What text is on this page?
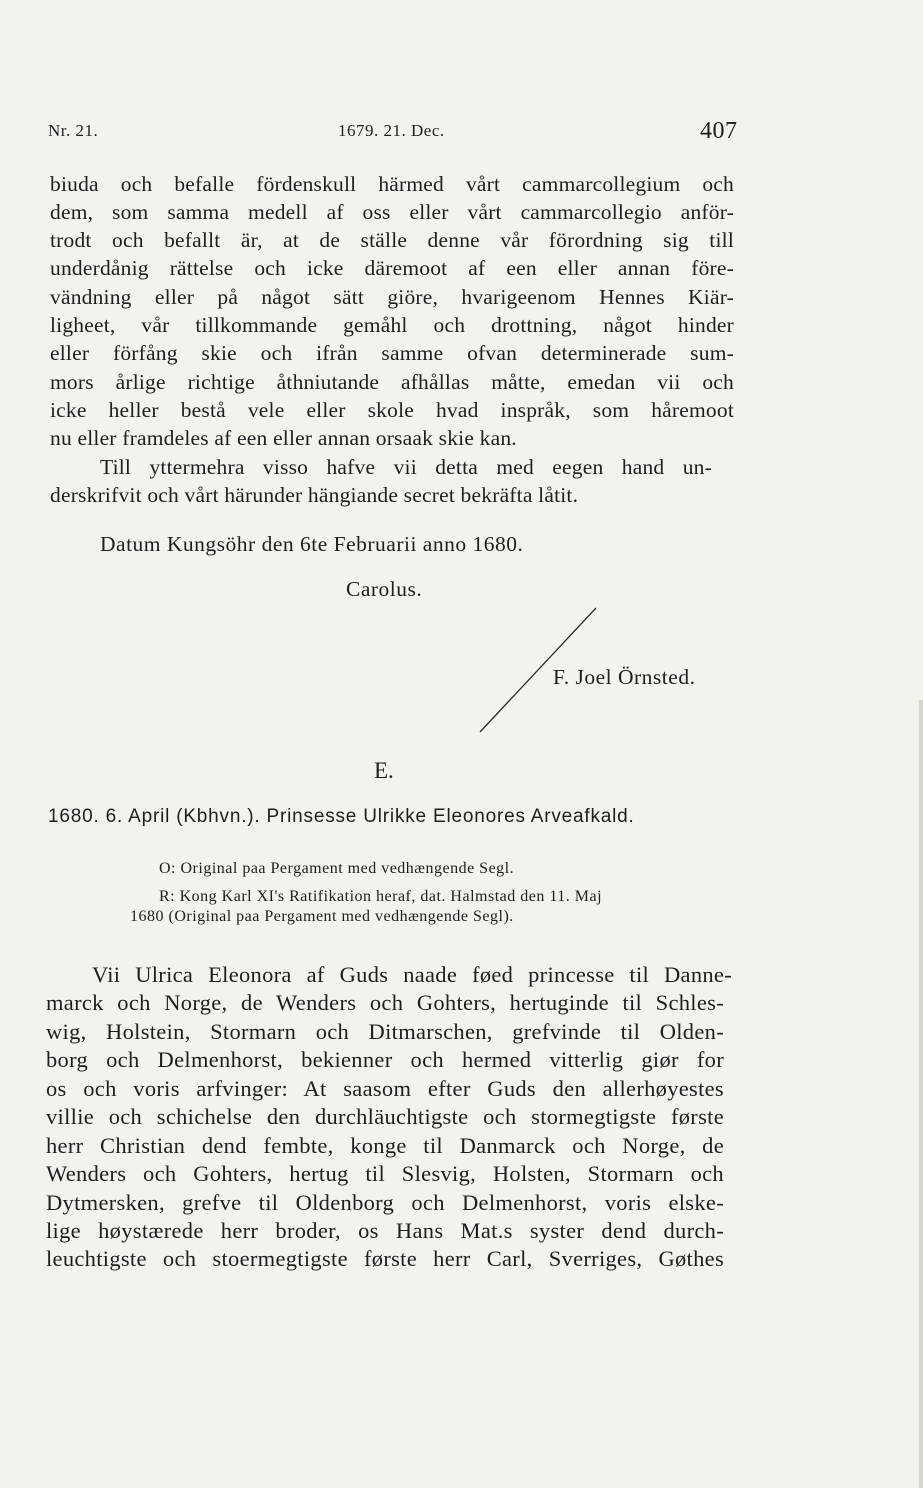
Nr. 21.	1679. 21. Dec.	407
biuda och befalle fördenskull härmed vårt cammarcollegium och
dem, som samma medell af oss eller vårt cammarcollegio anför-
trodt och befallt är, at de ställe denne vår förordning sig till
underdånig rättelse och icke däremoot af een eller annan före-
vändning eller på något sätt giöre, hvarigeenom Hennes Kiär-
ligheet, vår tillkommande gemåhl och drottning, något hinder
eller förfång skie och ifrån samme ofvan determinerade sum-
mors årlige richtige åthniutande afhållas måtte, emedan vii och
icke heller bestå vele eller skole hvad inspråk, som håremoot
nu eller framdeles af een eller annan orsaak skie kan.
Till yttermehra visso hafve vii detta med eegen hand un-
derskrifvit och vårt härunder hängiande secret bekräfta låtit.
Datum Kungsöhr den 6te Februarii anno 1680.
Carolus.
F. Joel Örnsted.
E.
1680. 6. April (Kbhvn.). Prinsesse Ulrikke Eleonores Arveafkald.
O: Original paa Pergament med vedhængende Segl.
R: Kong Karl XI's Ratifikation heraf, dat. Halmstad den 11. Maj
1680 (Original paa Pergament med vedhængende Segl).
Vii Ulrica Eleonora af Guds naade føed princesse til Danne-
marck och Norge, de Wenders och Gohters, hertuginde til Schles-
wig, Holstein, Stormarn och Ditmarschen, grefvinde til Olden-
borg och Delmenhorst, bekienner och hermed vitterlig giør for
os och voris arfvinger: At saasom efter Guds den allerhøyestes
villie och schichelse den durchläuchtigste och stormegtigste første
herr Christian dend fembte, konge til Danmarck och Norge, de
Wenders och Gohters, hertug til Slesvig, Holsten, Stormarn och
Dytmersken, grefve til Oldenborg och Delmenhorst, voris elske-
lige høystærede herr broder, os Hans Mat.s syster dend durch-
leuchtigste och stoermegtigste første herr Carl, Sverriges, Gøthes
